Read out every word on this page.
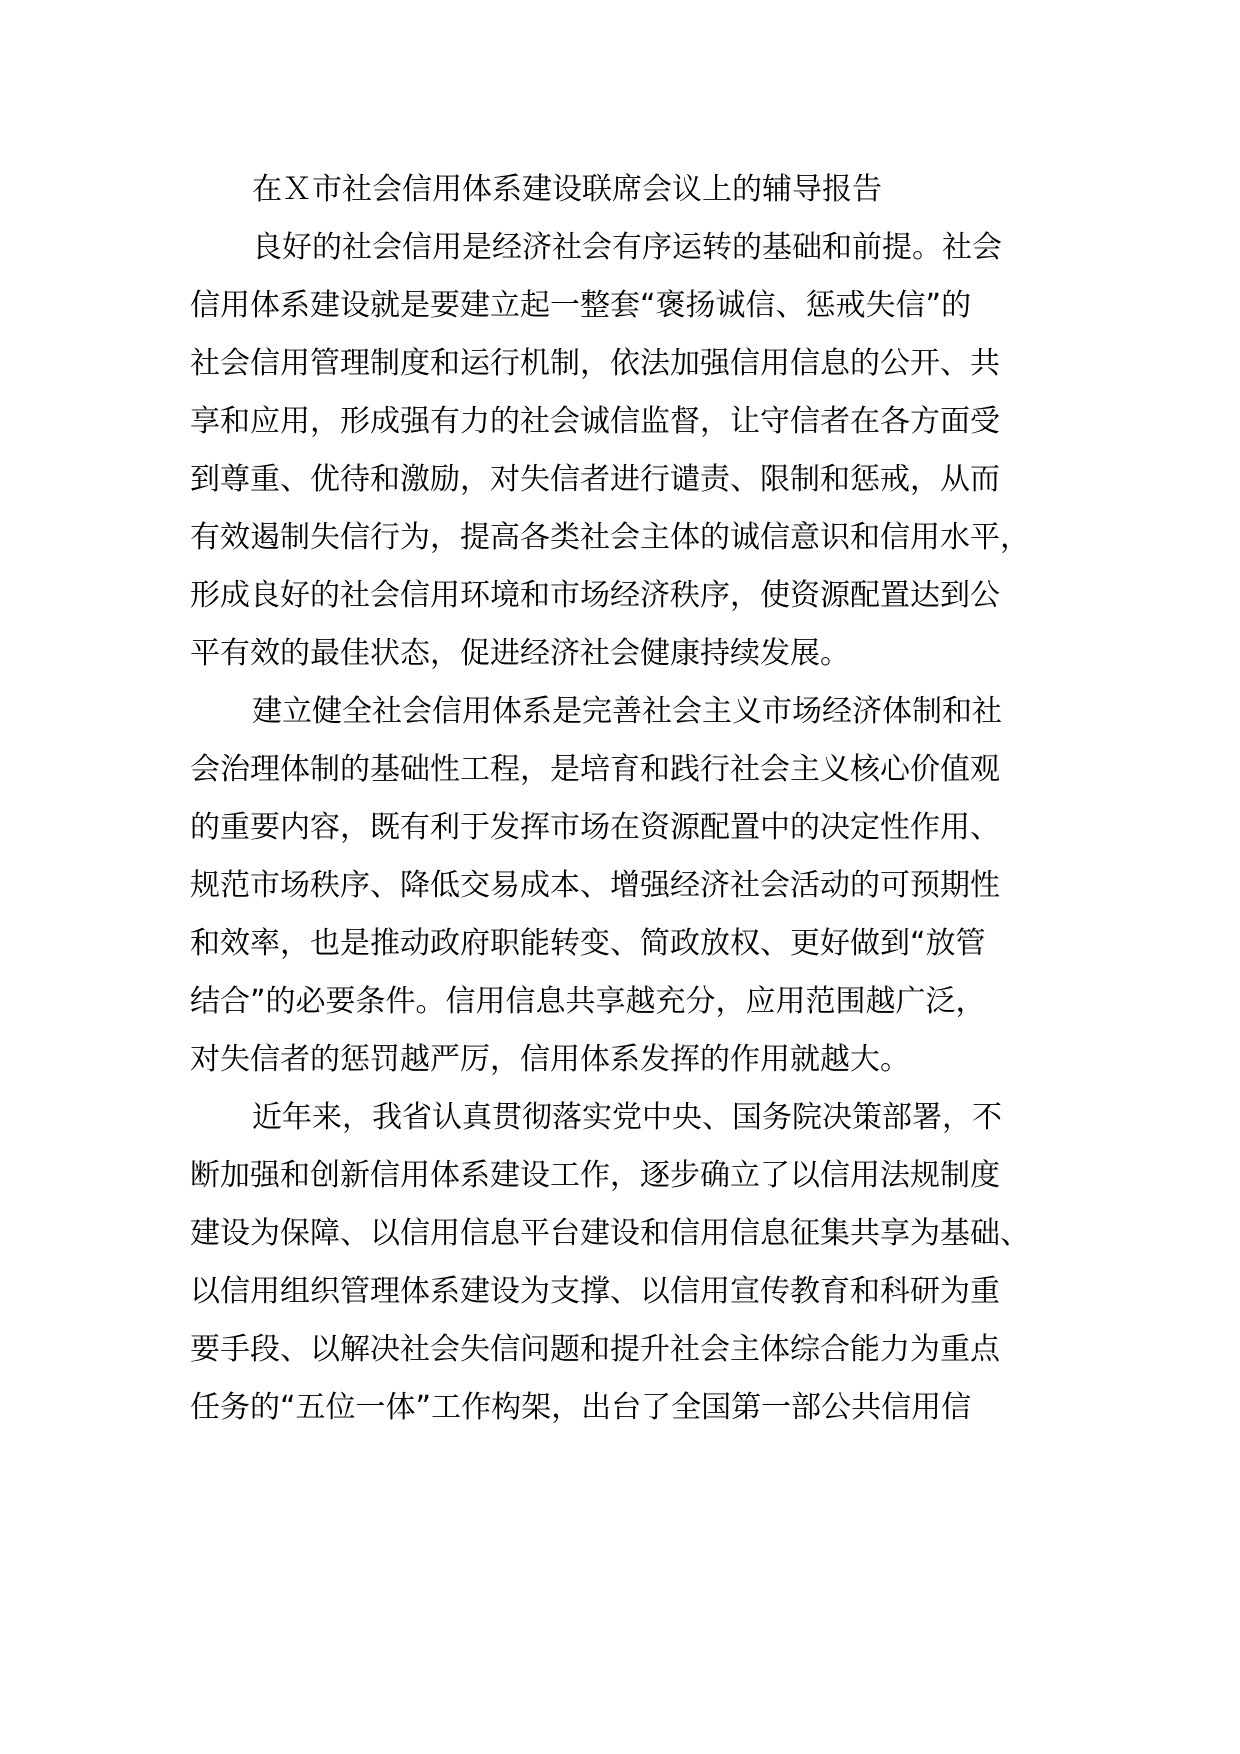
在Ｘ市社会信用体系建设联席会议上的辅导报告

良好的社会信用是经济社会有序运转的基础和前提。社会

信用体系建设就是要建立起一整套“褒扬诚信、惩戒失信”的

社会信用管理制度和运行机制，依法加强信用信息的公开、共

享和应用，形成强有力的社会诚信监督，让守信者在各方面受

到尊重、优待和激励，对失信者进行谴责、限制和惩戒，从而

有效遏制失信行为，提高各类社会主体的诚信意识和信用水平，

形成良好的社会信用环境和市场经济秩序，使资源配置达到公

平有效的最佳状态，促进经济社会健康持续发展。

建立健全社会信用体系是完善社会主义市场经济体制和社

会治理体制的基础性工程，是培育和践行社会主义核心价值观

的重要内容，既有利于发挥市场在资源配置中的决定性作用、

规范市场秩序、降低交易成本、增强经济社会活动的可预期性

和效率，也是推动政府职能转变、简政放权、更好做到“放管

结合”的必要条件。信用信息共享越充分，应用范围越广泛，

对失信者的惩罚越严厉，信用体系发挥的作用就越大。

近年来，我省认真贯彻落实党中央、国务院决策部署，不

断加强和创新信用体系建设工作，逐步确立了以信用法规制度

建设为保障、以信用信息平台建设和信用信息征集共享为基础、

以信用组织管理体系建设为支撑、以信用宣传教育和科研为重

要手段、以解决社会失信问题和提升社会主体综合能力为重点

任务的“五位一体”工作构架，出台了全国第一部公共信用信
